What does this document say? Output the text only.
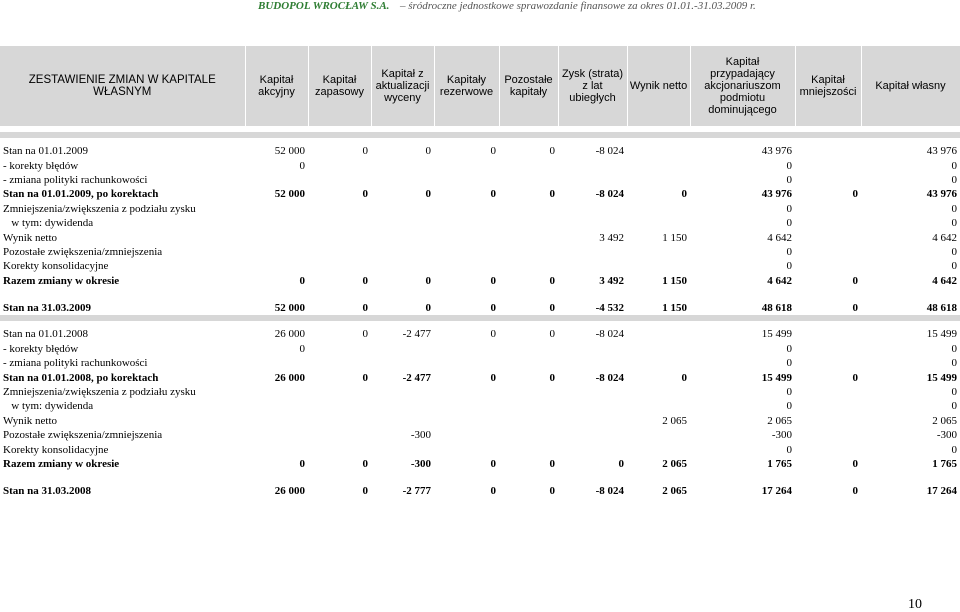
BUDOPOL WROCŁAW S.A. – śródroczne jednostkowe sprawozdanie finansowe za okres 01.01.-31.03.2009 r.
ZESTAWIENIE ZMIAN W KAPITALE WŁASNYM	Kapitał akcyjny	Kapitał zapasowy	Kapitał z aktualizacji wyceny	Kapitały rezerwowe	Pozostałe kapitały	Zysk (strata) z lat ubiegłych	Wynik netto	Kapitał przypadający akcjonariuszom podmiotu dominującego	Kapitał mniejszości	Kapitał własny

Stan na 01.01.2009	52 000	0	0	0	0	-8 024		43 976		43 976
- korekty błędów	0							0		0
- zmiana polityki rachunkowości								0		0
Stan na 01.01.2009, po korektach	52 000	0	0	0	0	-8 024	0	43 976	0	43 976
Zmniejszenia/zwiększenia z podziału zysku								0		0
w tym: dywidenda								0		0
Wynik netto						3 492	1 150	4 642		4 642
Pozostałe zwiększenia/zmniejszenia								0		0
Korekty konsolidacyjne								0		0
Razem zmiany w okresie	0	0	0	0	0	3 492	1 150	4 642	0	4 642

Stan na 31.03.2009	52 000	0	0	0	0	-4 532	1 150	48 618	0	48 618

Stan na 01.01.2008	26 000	0	-2 477	0	0	-8 024		15 499		15 499
- korekty błędów	0							0		0
- zmiana polityki rachunkowości								0		0
Stan na 01.01.2008, po korektach	26 000	0	-2 477	0	0	-8 024	0	15 499	0	15 499
Zmniejszenia/zwiększenia z podziału zysku								0		0
w tym: dywidenda								0		0
Wynik netto							2 065	2 065		2 065
Pozostałe zwiększenia/zmniejszenia			-300					-300		-300
Korekty konsolidacyjne								0		0
Razem zmiany w okresie	0	0	-300	0	0	0	2 065	1 765	0	1 765

Stan na 31.03.2008	26 000	0	-2 777	0	0	-8 024	2 065	17 264	0	17 264
10
